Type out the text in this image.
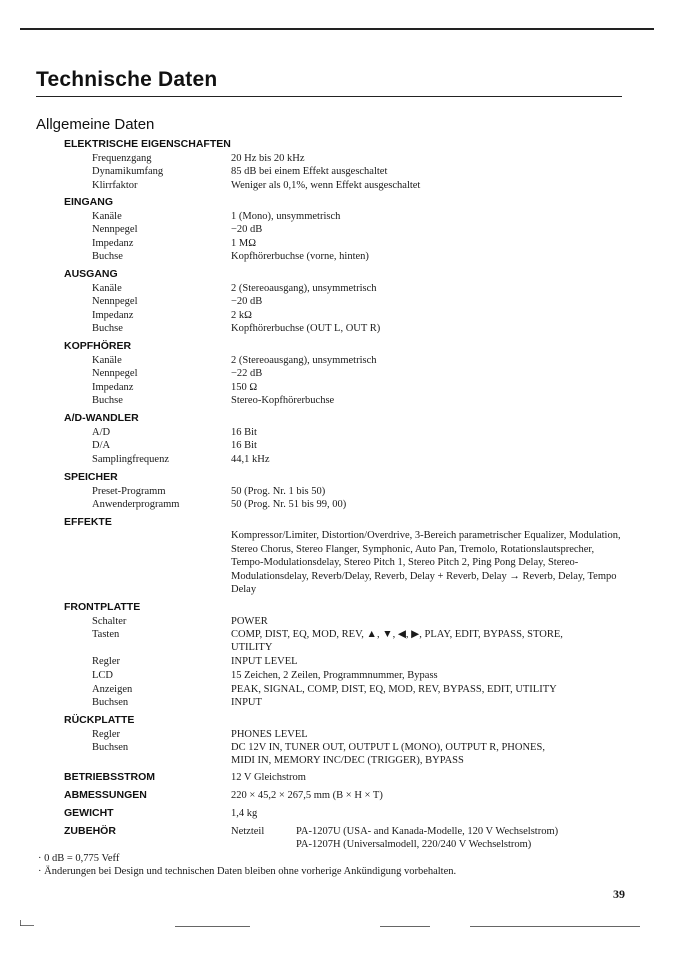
Technische Daten
Allgemeine Daten
ELEKTRISCHE EIGENSCHAFTEN
Frequenzgang	20 Hz bis 20 kHz
Dynamikumfang	85 dB bei einem Effekt ausgeschaltet
Klirrfaktor	Weniger als 0,1%, wenn Effekt ausgeschaltet
EINGANG
Kanäle	1 (Mono), unsymmetrisch
Nennpegel	−20 dB
Impedanz	1 MΩ
Buchse	Kopfhörerbuchse (vorne, hinten)
AUSGANG
Kanäle	2 (Stereoausgang), unsymmetrisch
Nennpegel	−20 dB
Impedanz	2 kΩ
Buchse	Kopfhörerbuchse (OUT L, OUT R)
KOPFHÖRER
Kanäle	2 (Stereoausgang), unsymmetrisch
Nennpegel	−22 dB
Impedanz	150 Ω
Buchse	Stereo-Kopfhörerbuchse
A/D-WANDLER
A/D	16 Bit
D/A	16 Bit
Samplingfrequenz	44,1 kHz
SPEICHER
Preset-Programm	50 (Prog. Nr. 1 bis 50)
Anwenderprogramm	50 (Prog. Nr. 51 bis 99, 00)
EFFEKTE
Kompressor/Limiter, Distortion/Overdrive, 3-Bereich parametrischer Equalizer, Modulation, Stereo Chorus, Stereo Flanger, Symphonic, Auto Pan, Tremolo, Rotationslautsprecher, Tempo-Modulationsdelay, Stereo Pitch 1, Stereo Pitch 2, Ping Pong Delay, Stereo-Modulationsdelay, Reverb/Delay, Reverb, Delay + Reverb, Delay → Reverb, Delay, Tempo Delay
FRONTPLATTE
Schalter	POWER
Tasten	COMP, DIST, EQ, MOD, REV, ▲, ▼, ◀, ▶, PLAY, EDIT, BYPASS, STORE,
UTILITY
Regler	INPUT LEVEL
LCD	15 Zeichen, 2 Zeilen, Programmnummer, Bypass
Anzeigen	PEAK, SIGNAL, COMP, DIST, EQ, MOD, REV, BYPASS, EDIT, UTILITY
Buchsen	INPUT
RÜCKPLATTE
Regler	PHONES LEVEL
Buchsen	DC 12V IN, TUNER OUT, OUTPUT L (MONO), OUTPUT R, PHONES,
MIDI IN, MEMORY INC/DEC (TRIGGER), BYPASS
BETRIEBSSTROM	12 V Gleichstrom
ABMESSUNGEN	220 × 45,2 × 267,5 mm (B × H × T)
GEWICHT	1,4 kg
ZUBEHÖR	Netzteil	PA-1207U (USA- and Kanada-Modelle, 120 V Wechselstrom)
PA-1207H (Universalmodell, 220/240 V Wechselstrom)
· 0 dB = 0,775 Veff
· Änderungen bei Design und technischen Daten bleiben ohne vorherige Ankündigung vorbehalten.
39
